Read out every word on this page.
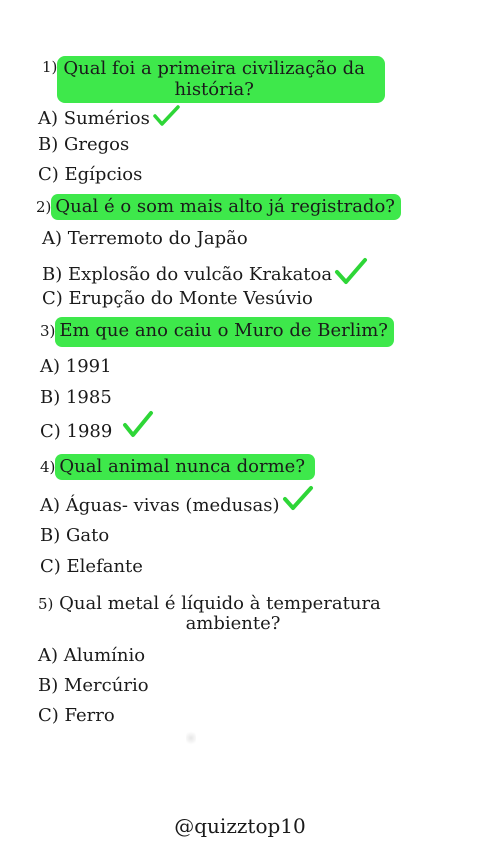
1) Qual foi a primeira civilização da
história?
A) Sumérios
B) Gregos
C) Egípcios
2) Qual é o som mais alto já registrado?
A) Terremoto do Japão
B) Explosão do vulcão Krakatoa
C) Erupção do Monte Vesúvio
3) Em que ano caiu o Muro de Berlim?
A) 1991
B) 1985
C) 1989
4) Qual animal nunca dorme?
A) Águas- vivas (medusas)
B) Gato
C) Elefante
5) Qual metal é líquido à temperatura
ambiente?
A) Alumínio
B) Mercúrio
C) Ferro
@quizztop10
